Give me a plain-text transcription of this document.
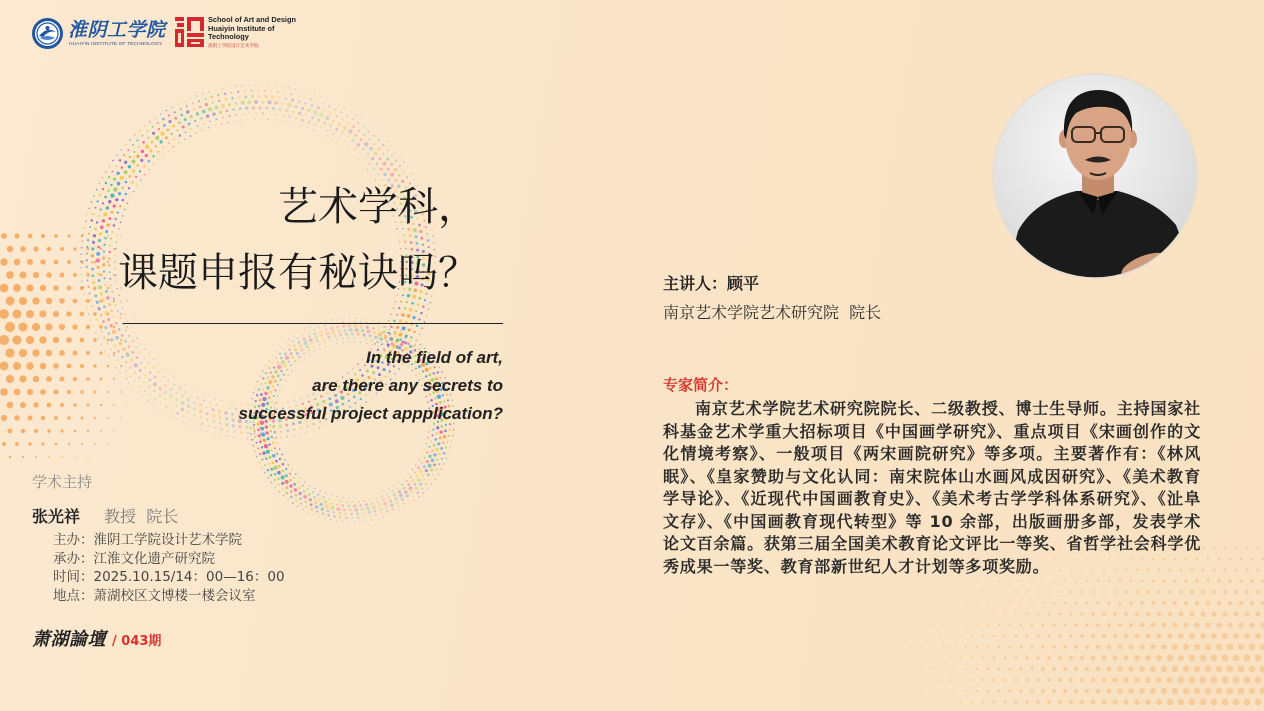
淮阴工学院
HUAIYIN INSTITUTE OF TECHNOLOGY
School of Art and Design
Huaiyin Institute of
Technology
淮阴工学院设计艺术学院
艺术学科，
课题申报有秘诀吗？
In the field of art,
are there any secrets to
successful project appplication?
学术主持
张光祥 教授  院长
主办：淮阴工学院设计艺术学院
承办：江淮文化遗产研究院
时间：2025.10.15/14：00—16：00
地点：萧湖校区文博楼一楼会议室
萧湖論壇 / 043期
主讲人：顾平
南京艺术学院艺术研究院  院长
专家简介：

南京艺术学院艺术研究院院长、二级教授、博士生导师。主持国家社科基金艺术学重大招标项目《中国画学研究》、重点项目《宋画创作的文化情境考察》、一般项目《两宋画院研究》等多项。主要著作有：《林风眠》、《皇家赞助与文化认同：南宋院体山水画风成因研究》、《美术教育学导论》、《近现代中国画教育史》、《美术考古学学科体系研究》、《沚阜文存》、《中国画教育现代转型》等 10 余部，出版画册多部，发表学术论文百余篇。获第三届全国美术教育论文评比一等奖、省哲学社会科学优秀成果一等奖、教育部新世纪人才计划等多项奖励。
